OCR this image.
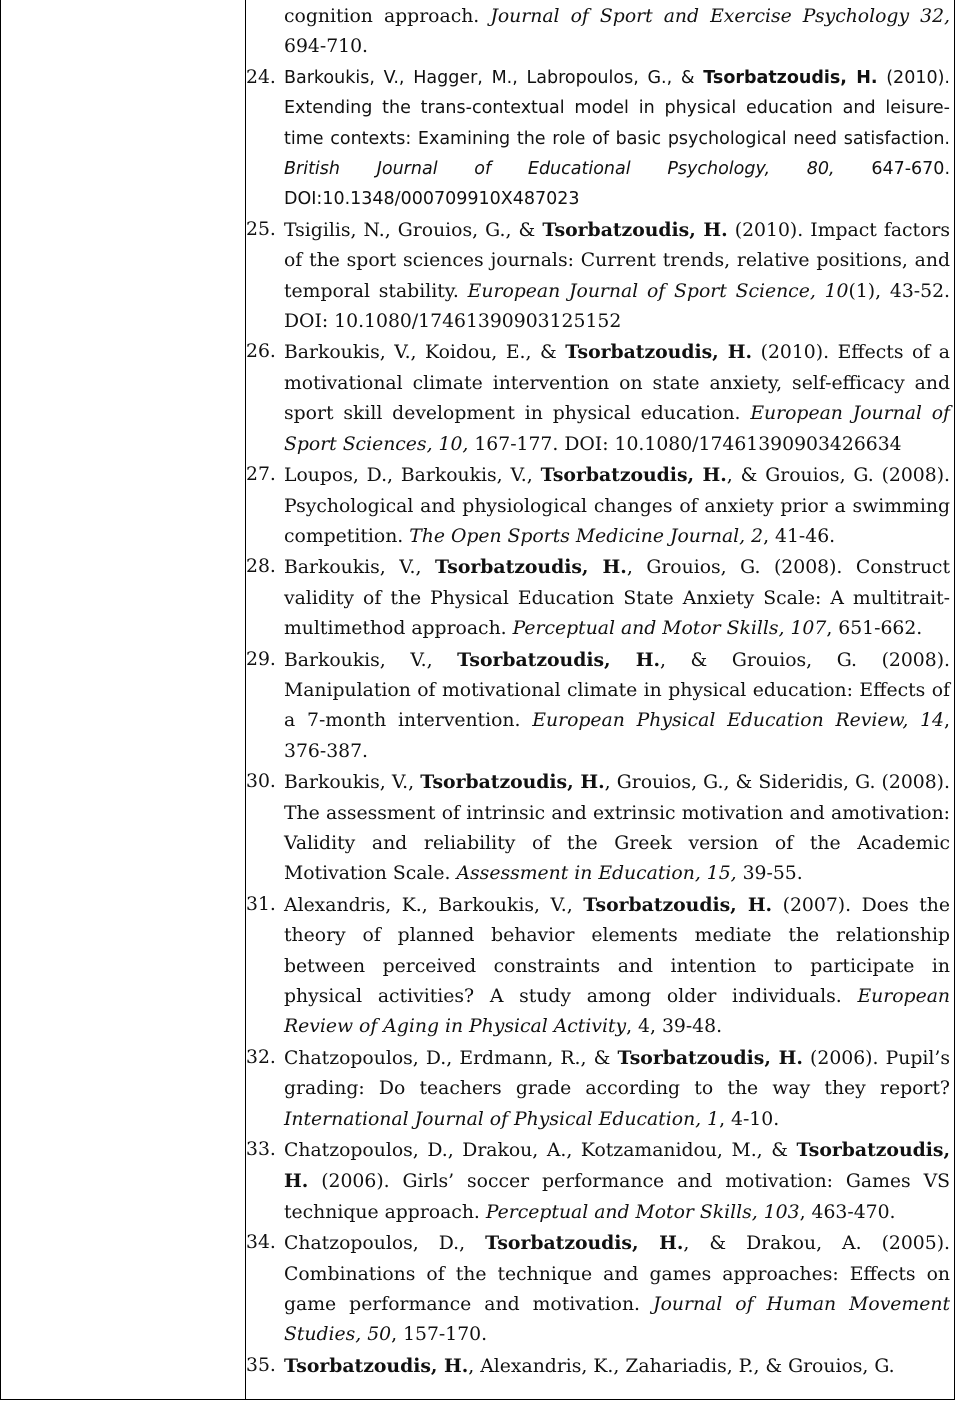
cognition approach. Journal of Sport and Exercise Psychology 32, 694-710.
24. Barkoukis, V., Hagger, M., Labropoulos, G., & Tsorbatzoudis, H. (2010). Extending the trans-contextual model in physical education and leisure-time contexts: Examining the role of basic psychological need satisfaction. British Journal of Educational Psychology, 80, 647-670. DOI:10.1348/000709910X487023
25. Tsigilis, N., Grouios, G., & Tsorbatzoudis, H. (2010). Impact factors of the sport sciences journals: Current trends, relative positions, and temporal stability. European Journal of Sport Science, 10(1), 43-52. DOI: 10.1080/17461390903125152
26. Barkoukis, V., Koidou, E., & Tsorbatzoudis, H. (2010). Effects of a motivational climate intervention on state anxiety, self-efficacy and sport skill development in physical education. European Journal of Sport Sciences, 10, 167-177. DOI: 10.1080/17461390903426634
27. Loupos, D., Barkoukis, V., Tsorbatzoudis, H., & Grouios, G. (2008). Psychological and physiological changes of anxiety prior a swimming competition. The Open Sports Medicine Journal, 2, 41-46.
28. Barkoukis, V., Tsorbatzoudis, H., Grouios, G. (2008). Construct validity of the Physical Education State Anxiety Scale: A multitrait-multimethod approach. Perceptual and Motor Skills, 107, 651-662.
29. Barkoukis, V., Tsorbatzoudis, H., & Grouios, G. (2008). Manipulation of motivational climate in physical education: Effects of a 7-month intervention. European Physical Education Review, 14, 376-387.
30. Barkoukis, V., Tsorbatzoudis, H., Grouios, G., & Sideridis, G. (2008). The assessment of intrinsic and extrinsic motivation and amotivation: Validity and reliability of the Greek version of the Academic Motivation Scale. Assessment in Education, 15, 39-55.
31. Alexandris, K., Barkoukis, V., Tsorbatzoudis, H. (2007). Does the theory of planned behavior elements mediate the relationship between perceived constraints and intention to participate in physical activities? A study among older individuals. European Review of Aging in Physical Activity, 4, 39-48.
32. Chatzopoulos, D., Erdmann, R., & Tsorbatzoudis, H. (2006). Pupil’s grading: Do teachers grade according to the way they report? International Journal of Physical Education, 1, 4-10.
33. Chatzopoulos, D., Drakou, A., Kotzamanidou, M., & Tsorbatzoudis, H. (2006). Girls’ soccer performance and motivation: Games VS technique approach. Perceptual and Motor Skills, 103, 463-470.
34. Chatzopoulos, D., Tsorbatzoudis, H., & Drakou, A. (2005). Combinations of the technique and games approaches: Effects on game performance and motivation. Journal of Human Movement Studies, 50, 157-170.
35. Tsorbatzoudis, H., Alexandris, K., Zahariadis, P., & Grouios, G.
